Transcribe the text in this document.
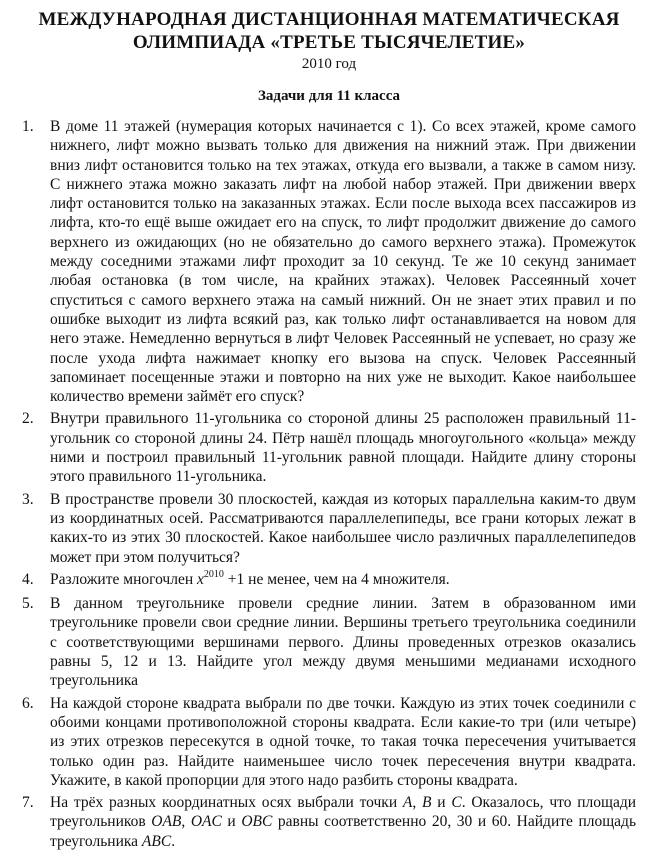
МЕЖДУНАРОДНАЯ ДИСТАНЦИОННАЯ МАТЕМАТИЧЕСКАЯ
ОЛИМПИАДА «ТРЕТЬЕ ТЫСЯЧЕЛЕТИЕ»
2010 год
Задачи для 11 класса
1.	В доме 11 этажей (нумерация которых начинается с 1). Со всех этажей, кроме самого нижнего, лифт можно вызвать только для движения на нижний этаж. При движении вниз лифт остановится только на тех этажах, откуда его вызвали, а также в самом низу. С нижнего этажа можно заказать лифт на любой набор этажей. При движении вверх лифт остановится только на заказанных этажах. Если после выхода всех пассажиров из лифта, кто-то ещё выше ожидает его на спуск, то лифт продолжит движение до самого верхнего из ожидающих (но не обязательно до самого верхнего этажа). Промежуток между соседними этажами лифт проходит за 10 секунд. Те же 10 секунд занимает любая остановка (в том числе, на крайних этажах). Человек Рассеянный хочет спуститься с самого верхнего этажа на самый нижний. Он не знает этих правил и по ошибке выходит из лифта всякий раз, как только лифт останавливается на новом для него этаже. Немедленно вернуться в лифт Человек Рассеянный не успевает, но сразу же после ухода лифта нажимает кнопку его вызова на спуск. Человек Рассеянный запоминает посещенные этажи и повторно на них уже не выходит. Какое наибольшее количество времени займёт его спуск?
2.	Внутри правильного 11-угольника со стороной длины 25 расположен правильный 11-угольник со стороной длины 24. Пётр нашёл площадь многоугольного «кольца» между ними и построил правильный 11-угольник равной площади. Найдите длину стороны этого правильного 11-угольника.
3.	В пространстве провели 30 плоскостей, каждая из которых параллельна каким-то двум из координатных осей. Рассматриваются параллелепипеды, все грани которых лежат в каких-то из этих 30 плоскостей. Какое наибольшее число различных параллелепипедов может при этом получиться?
4.	Разложите многочлен $x^{2010} +1$ не менее, чем на 4 множителя.
5.	В данном треугольнике провели средние линии. Затем в образованном ими треугольнике провели свои средние линии. Вершины третьего треугольника соединили с соответствующими вершинами первого. Длины проведенных отрезков оказались равны 5, 12 и 13. Найдите угол между двумя меньшими медианами исходного треугольника
6.	На каждой стороне квадрата выбрали по две точки. Каждую из этих точек соединили с обоими концами противоположной стороны квадрата. Если какие-то три (или четыре) из этих отрезков пересекутся в одной точке, то такая точка пересечения учитывается только один раз. Найдите наименьшее число точек пересечения внутри квадрата. Укажите, в какой пропорции для этого надо разбить стороны квадрата.
7.	На трёх разных координатных осях выбрали точки A, B и C. Оказалось, что площади треугольников OAB, OAC и OBC равны соответственно 20, 30 и 60. Найдите площадь треугольника ABC.
